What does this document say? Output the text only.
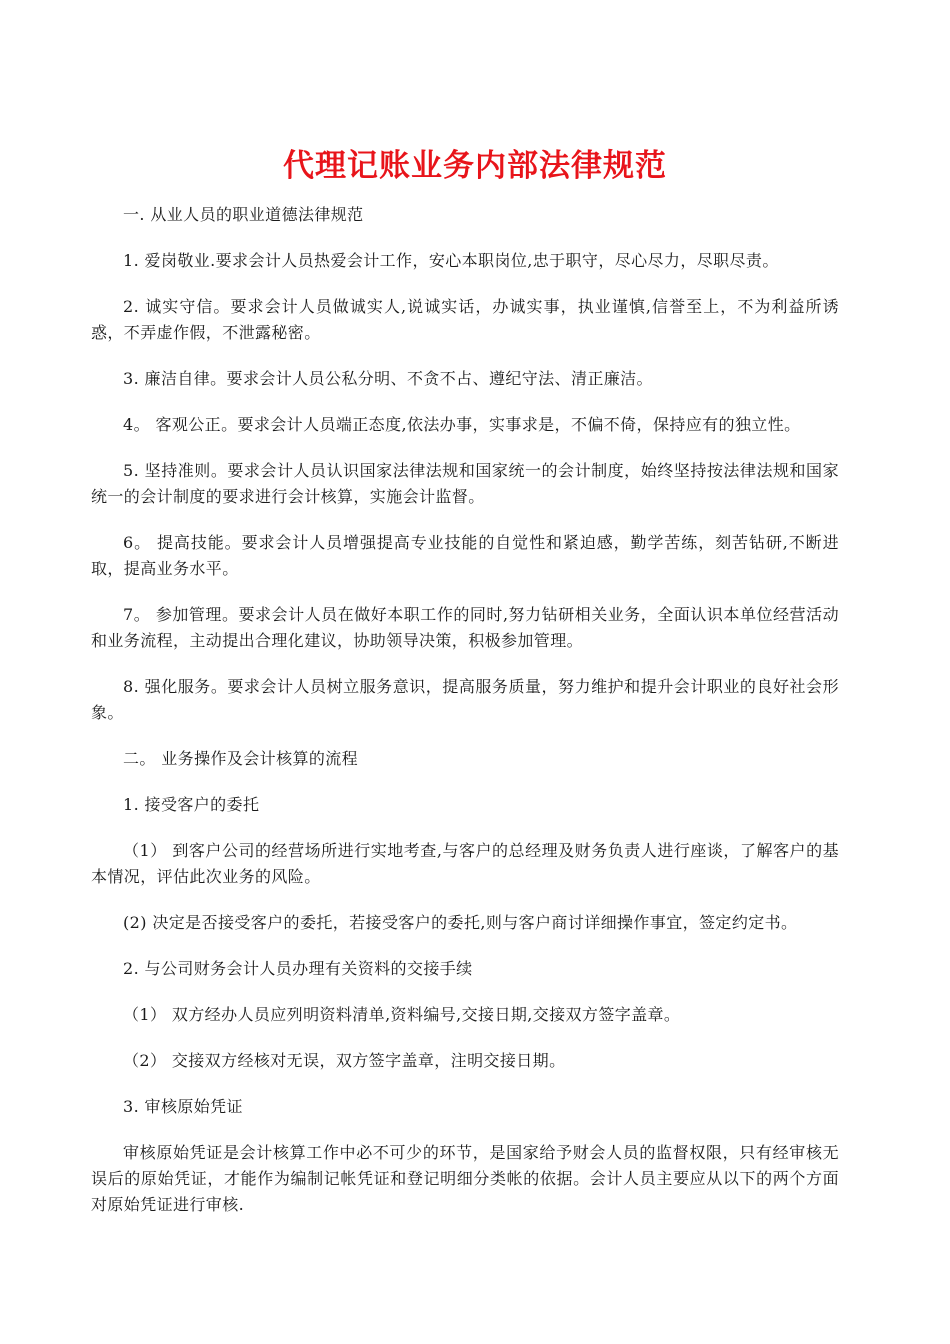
代理记账业务内部法律规范

一. 从业人员的职业道德法律规范

1. 爱岗敬业.要求会计人员热爱会计工作，安心本职岗位,忠于职守，尽心尽力，尽职尽责。

2. 诚实守信。要求会计人员做诚实人,说诚实话，办诚实事，执业谨慎,信誉至上，不为利益所诱惑，不弄虚作假，不泄露秘密。

3. 廉洁自律。要求会计人员公私分明、不贪不占、遵纪守法、清正廉洁。

4。 客观公正。要求会计人员端正态度,依法办事，实事求是，不偏不倚，保持应有的独立性。

5. 坚持准则。要求会计人员认识国家法律法规和国家统一的会计制度，始终坚持按法律法规和国家统一的会计制度的要求进行会计核算，实施会计监督。

6。 提高技能。要求会计人员增强提高专业技能的自觉性和紧迫感，勤学苦练，刻苦钻研,不断进取，提高业务水平。

7。 参加管理。要求会计人员在做好本职工作的同时,努力钻研相关业务，全面认识本单位经营活动和业务流程，主动提出合理化建议，协助领导决策，积极参加管理。

8. 强化服务。要求会计人员树立服务意识，提高服务质量，努力维护和提升会计职业的良好社会形象。

二。 业务操作及会计核算的流程

1. 接受客户的委托

（1） 到客户公司的经营场所进行实地考查,与客户的总经理及财务负责人进行座谈，了解客户的基本情况，评估此次业务的风险。

(2) 决定是否接受客户的委托，若接受客户的委托,则与客户商讨详细操作事宜，签定约定书。

2. 与公司财务会计人员办理有关资料的交接手续

（1） 双方经办人员应列明资料清单,资料编号,交接日期,交接双方签字盖章。

（2） 交接双方经核对无误，双方签字盖章，注明交接日期。

3. 审核原始凭证

审核原始凭证是会计核算工作中必不可少的环节，是国家给予财会人员的监督权限，只有经审核无误后的原始凭证，才能作为编制记帐凭证和登记明细分类帐的依据。会计人员主要应从以下的两个方面对原始凭证进行审核.
